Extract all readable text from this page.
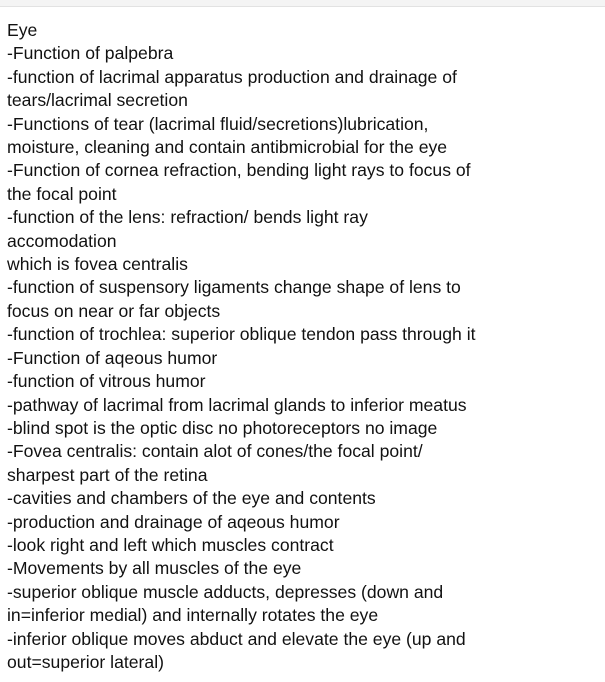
Eye
-Function of palpebra
-function of lacrimal apparatus production and drainage of
tears/lacrimal secretion
-Functions of tear (lacrimal fluid/secretions)lubrication,
moisture, cleaning and contain antibmicrobial for the eye
-Function of cornea refraction, bending light rays to focus of
the focal point
-function of the lens: refraction/ bends light ray
accomodation
which is fovea centralis
-function of suspensory ligaments change shape of lens to
focus on near or far objects
-function of trochlea: superior oblique tendon pass through it
-Function of aqeous humor
-function of vitrous humor
-pathway of lacrimal from lacrimal glands to inferior meatus
-blind spot is the optic disc no photoreceptors no image
-Fovea centralis: contain alot of cones/the focal point/
sharpest part of the retina
-cavities and chambers of the eye and contents
-production and drainage of aqeous humor
-look right and left which muscles contract
-Movements by all muscles of the eye
-superior oblique muscle adducts, depresses (down and
in=inferior medial) and internally rotates the eye
-inferior oblique moves abduct and elevate the eye (up and
out=superior lateral)
